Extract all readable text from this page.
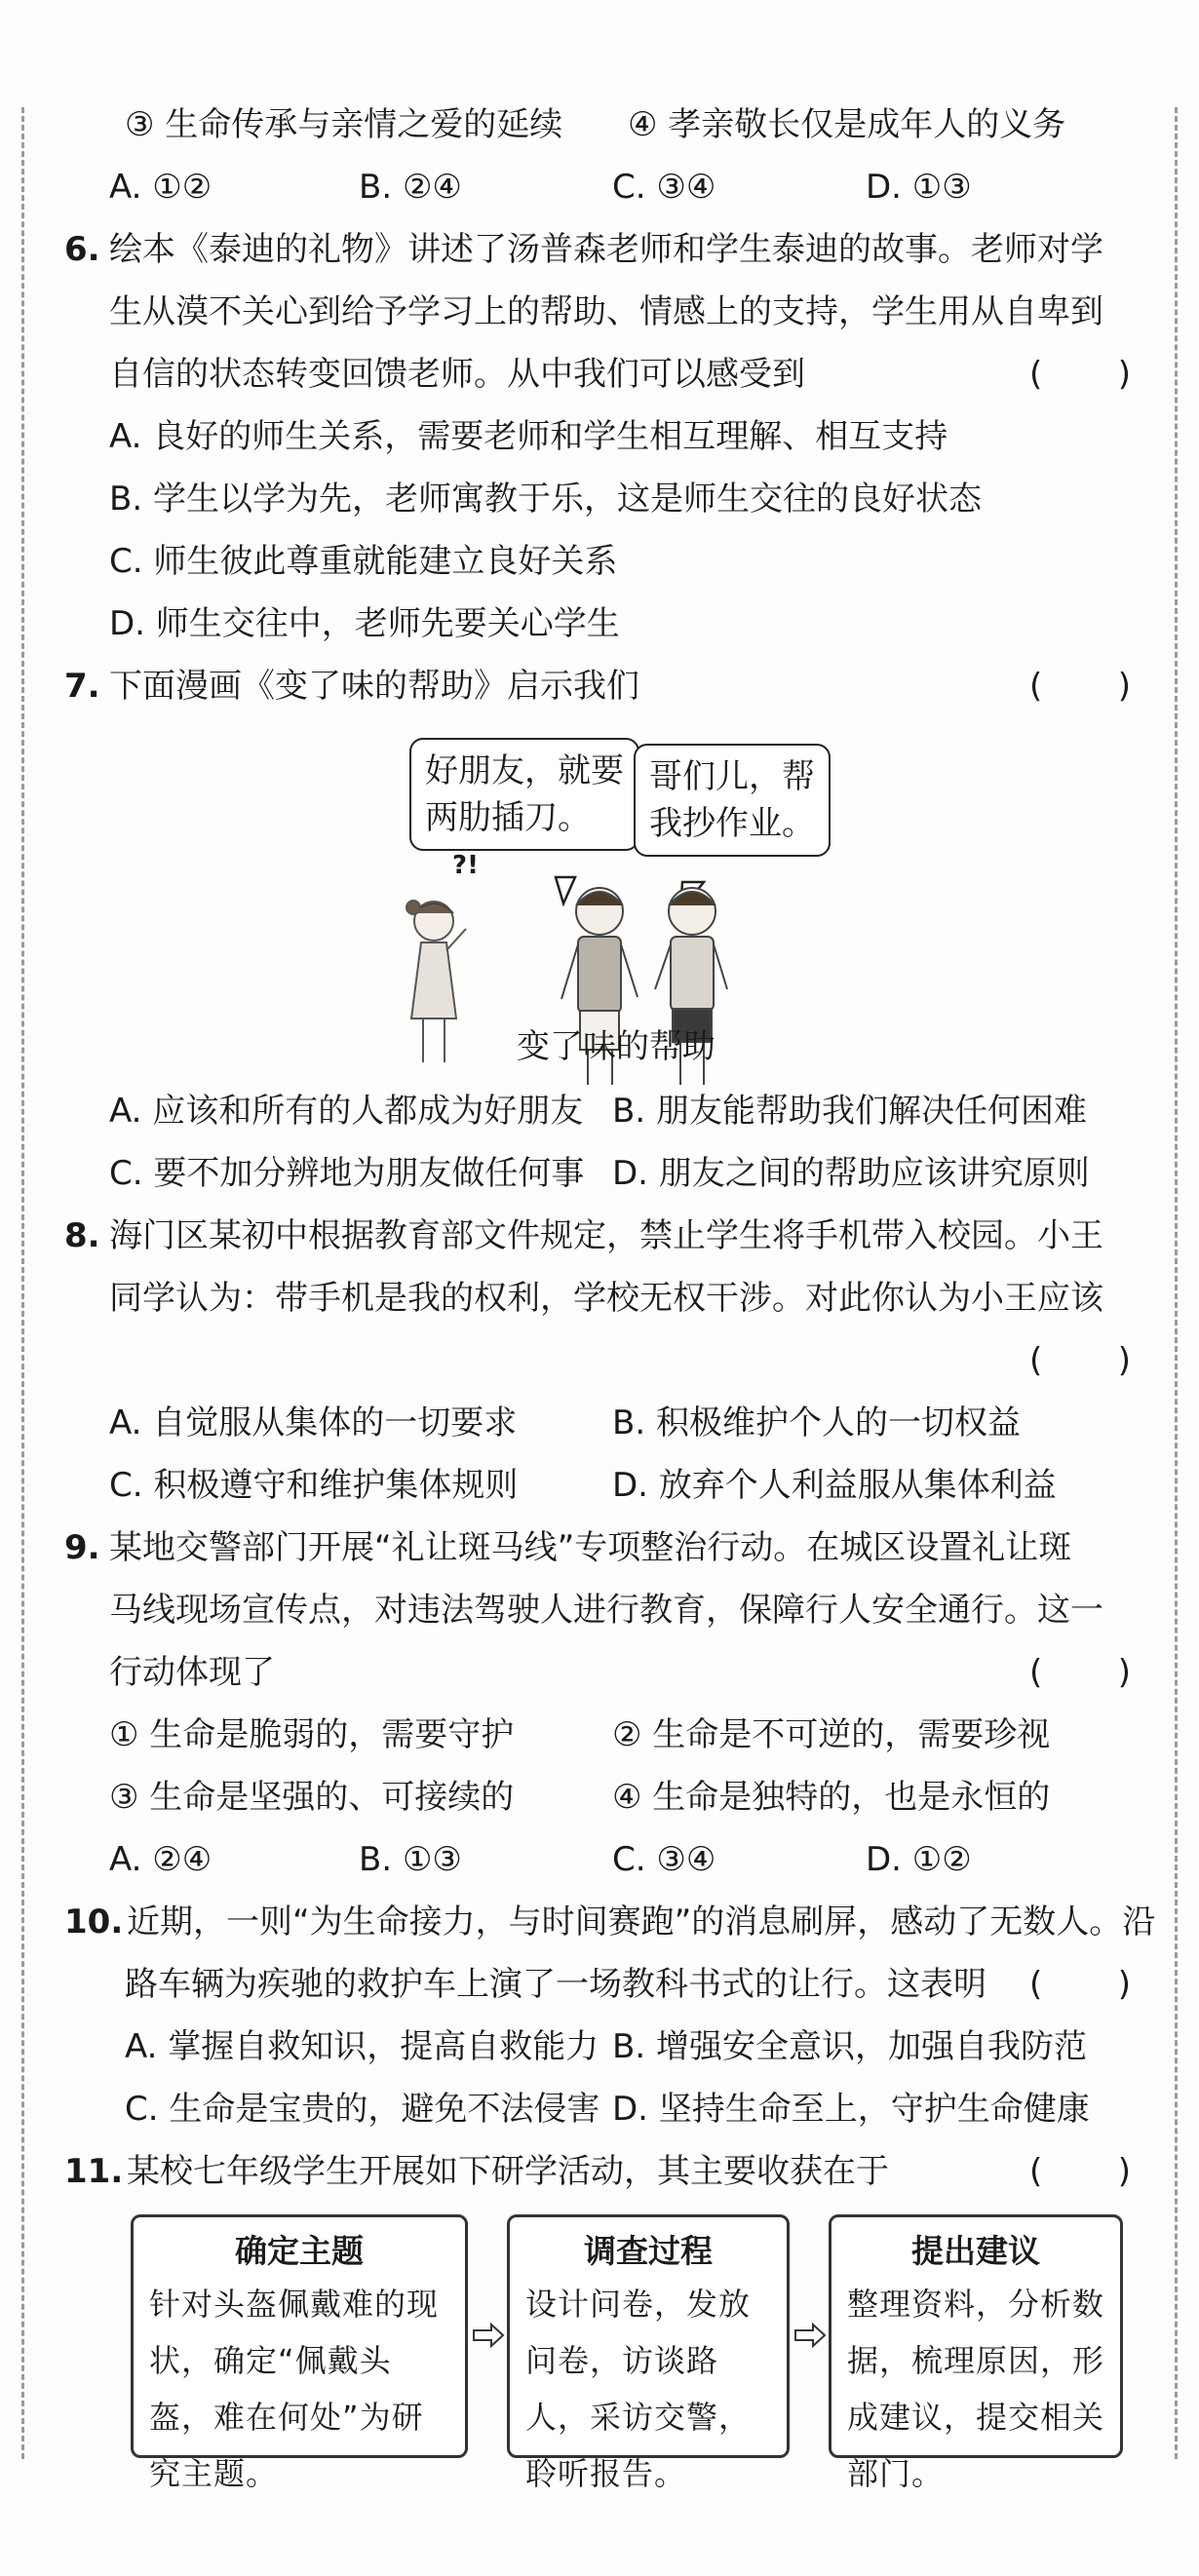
③ 生命传承与亲情之爱的延续 ④ 孝亲敬长仅是成年人的义务
A. ①②	B. ②④	C. ③④	D. ①③
6. 绘本《泰迪的礼物》讲述了汤普森老师和学生泰迪的故事。老师对学
生从漠不关心到给予学习上的帮助、情感上的支持，学生用从自卑到
自信的状态转变回馈老师。从中我们可以感受到	( )
A. 良好的师生关系，需要老师和学生相互理解、相互支持
B. 学生以学为先，老师寓教于乐，这是师生交往的良好状态
C. 师生彼此尊重就能建立良好关系
D. 师生交往中，老师先要关心学生
7. 下面漫画《变了味的帮助》启示我们	( )
好朋友，就要
两肋插刀。
哥们儿，帮
我抄作业。
?!
变了味的帮助
A. 应该和所有的人都成为好朋友 B. 朋友能帮助我们解决任何困难
C. 要不加分辨地为朋友做任何事 D. 朋友之间的帮助应该讲究原则
8. 海门区某初中根据教育部文件规定，禁止学生将手机带入校园。小王
同学认为：带手机是我的权利，学校无权干涉。对此你认为小王应该
( )
A. 自觉服从集体的一切要求	B. 积极维护个人的一切权益
C. 积极遵守和维护集体规则	D. 放弃个人利益服从集体利益
9. 某地交警部门开展“礼让斑马线”专项整治行动。在城区设置礼让斑
马线现场宣传点，对违法驾驶人进行教育，保障行人安全通行。这一
行动体现了	( )
① 生命是脆弱的，需要守护	② 生命是不可逆的，需要珍视
③ 生命是坚强的、可接续的	④ 生命是独特的，也是永恒的
A. ②④	B. ①③	C. ③④	D. ①②
10. 近期，一则“为生命接力，与时间赛跑”的消息刷屏，感动了无数人。沿
路车辆为疾驰的救护车上演了一场教科书式的让行。这表明 ( )
A. 掌握自救知识，提高自救能力 B. 增强安全意识，加强自我防范
C. 生命是宝贵的，避免不法侵害 D. 坚持生命至上，守护生命健康
11. 某校七年级学生开展如下研学活动，其主要收获在于	( )
确定主题
针对头盔佩戴难的现状，确定“佩戴头盔，难在何处”为研究主题。
调查过程
设计问卷，发放问卷，访谈路人，采访交警，聆听报告。
提出建议
整理资料，分析数据，梳理原因，形成建议，提交相关部门。
